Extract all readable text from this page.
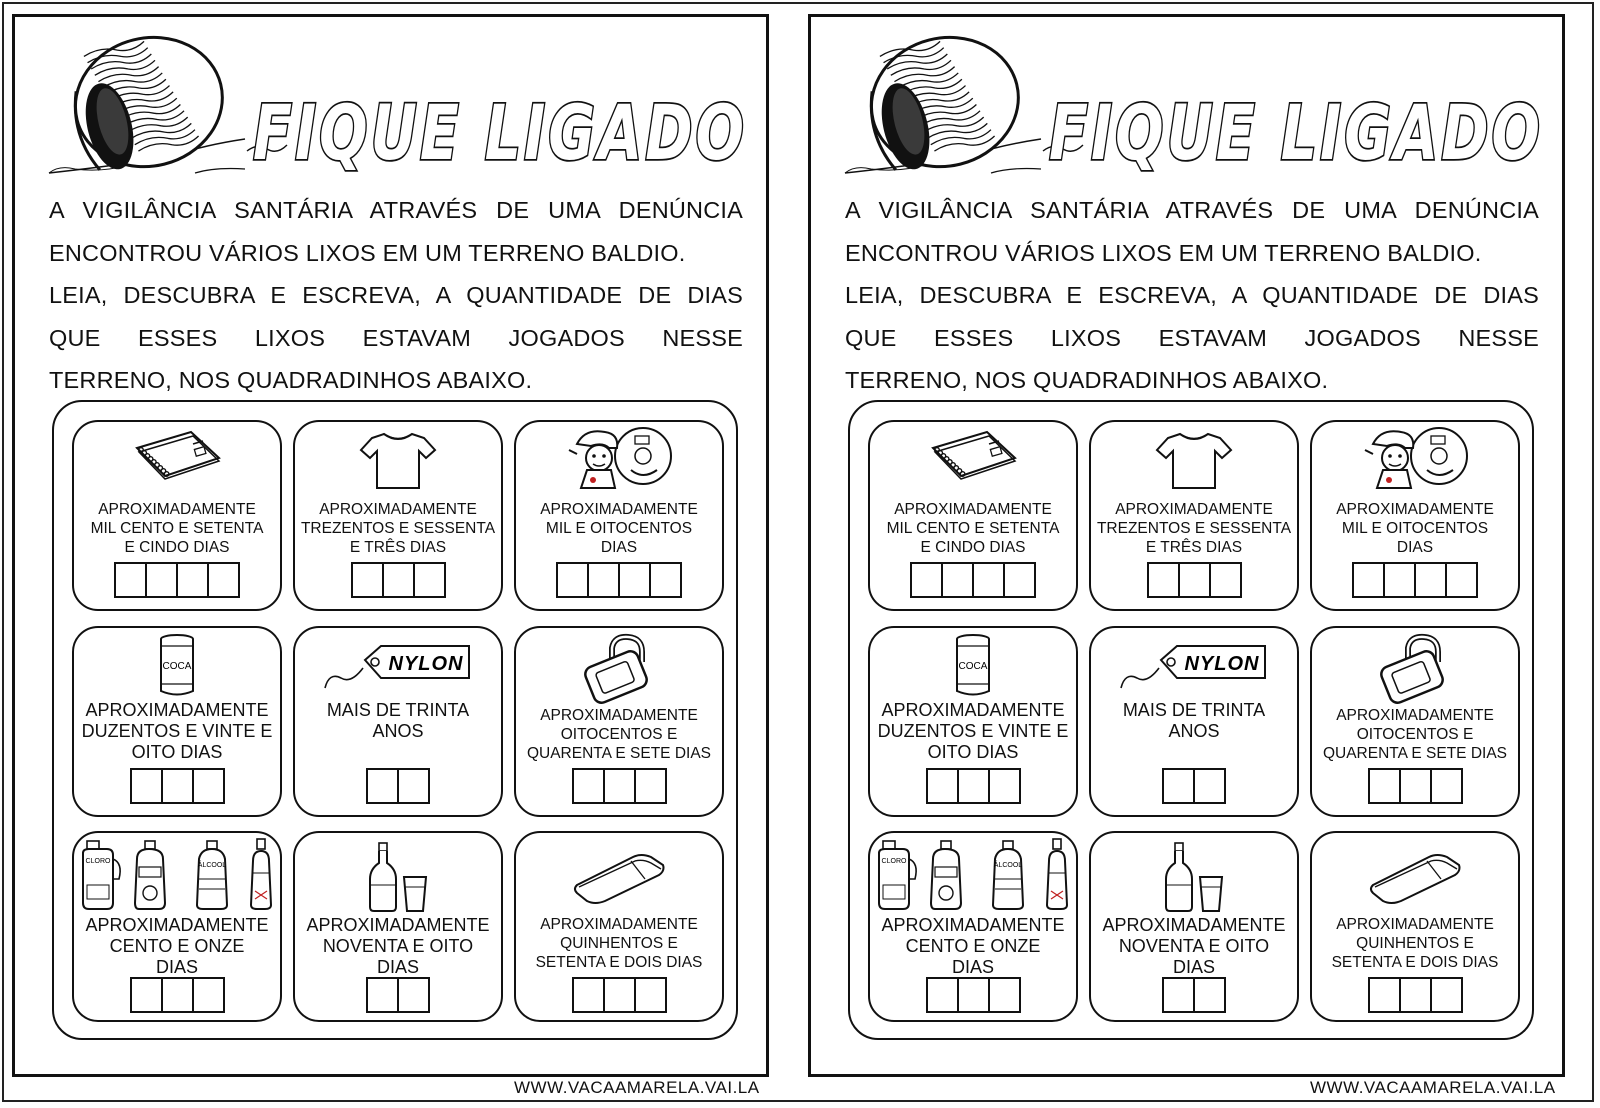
FIQUE LIGADO

A VIGILÂNCIA SANTÁRIA ATRAVÉS DE UMA DENÚNCIA

ENCONTROU VÁRIOS LIXOS EM UM TERRENO BALDIO.

LEIA, DESCUBRA E ESCREVA, A QUANTIDADE DE DIAS

QUE ESSES LIXOS ESTAVAM JOGADOS NESSE

TERRENO, NOS QUADRADINHOS ABAIXO.

APROXIMADAMENTE
MIL CENTO E SETENTA
E CINDO DIAS
APROXIMADAMENTE
TREZENTOS E SESSENTA
E TRÊS DIAS
APROXIMADAMENTE
MIL E OITOCENTOS
DIAS
COCA
APROXIMADAMENTE
DUZENTOS E VINTE E
OITO DIAS
NYLON
MAIS DE TRINTA
ANOS
APROXIMADAMENTE
OITOCENTOS E
QUARENTA E SETE DIAS
CLORO
ÁLCOOL
APROXIMADAMENTE
CENTO E ONZE
DIAS
APROXIMADAMENTE
NOVENTA E OITO
DIAS
APROXIMADAMENTE
QUINHENTOS E
SETENTA E DOIS DIAS
WWW.VACAAMARELA.VAI.LA
FIQUE LIGADO

A VIGILÂNCIA SANTÁRIA ATRAVÉS DE UMA DENÚNCIA

ENCONTROU VÁRIOS LIXOS EM UM TERRENO BALDIO.

LEIA, DESCUBRA E ESCREVA, A QUANTIDADE DE DIAS

QUE ESSES LIXOS ESTAVAM JOGADOS NESSE

TERRENO, NOS QUADRADINHOS ABAIXO.

APROXIMADAMENTE
MIL CENTO E SETENTA
E CINDO DIAS
APROXIMADAMENTE
TREZENTOS E SESSENTA
E TRÊS DIAS
APROXIMADAMENTE
MIL E OITOCENTOS
DIAS
COCA
APROXIMADAMENTE
DUZENTOS E VINTE E
OITO DIAS
NYLON
MAIS DE TRINTA
ANOS
APROXIMADAMENTE
OITOCENTOS E
QUARENTA E SETE DIAS
CLORO
ÁLCOOL
APROXIMADAMENTE
CENTO E ONZE
DIAS
APROXIMADAMENTE
NOVENTA E OITO
DIAS
APROXIMADAMENTE
QUINHENTOS E
SETENTA E DOIS DIAS
WWW.VACAAMARELA.VAI.LA
